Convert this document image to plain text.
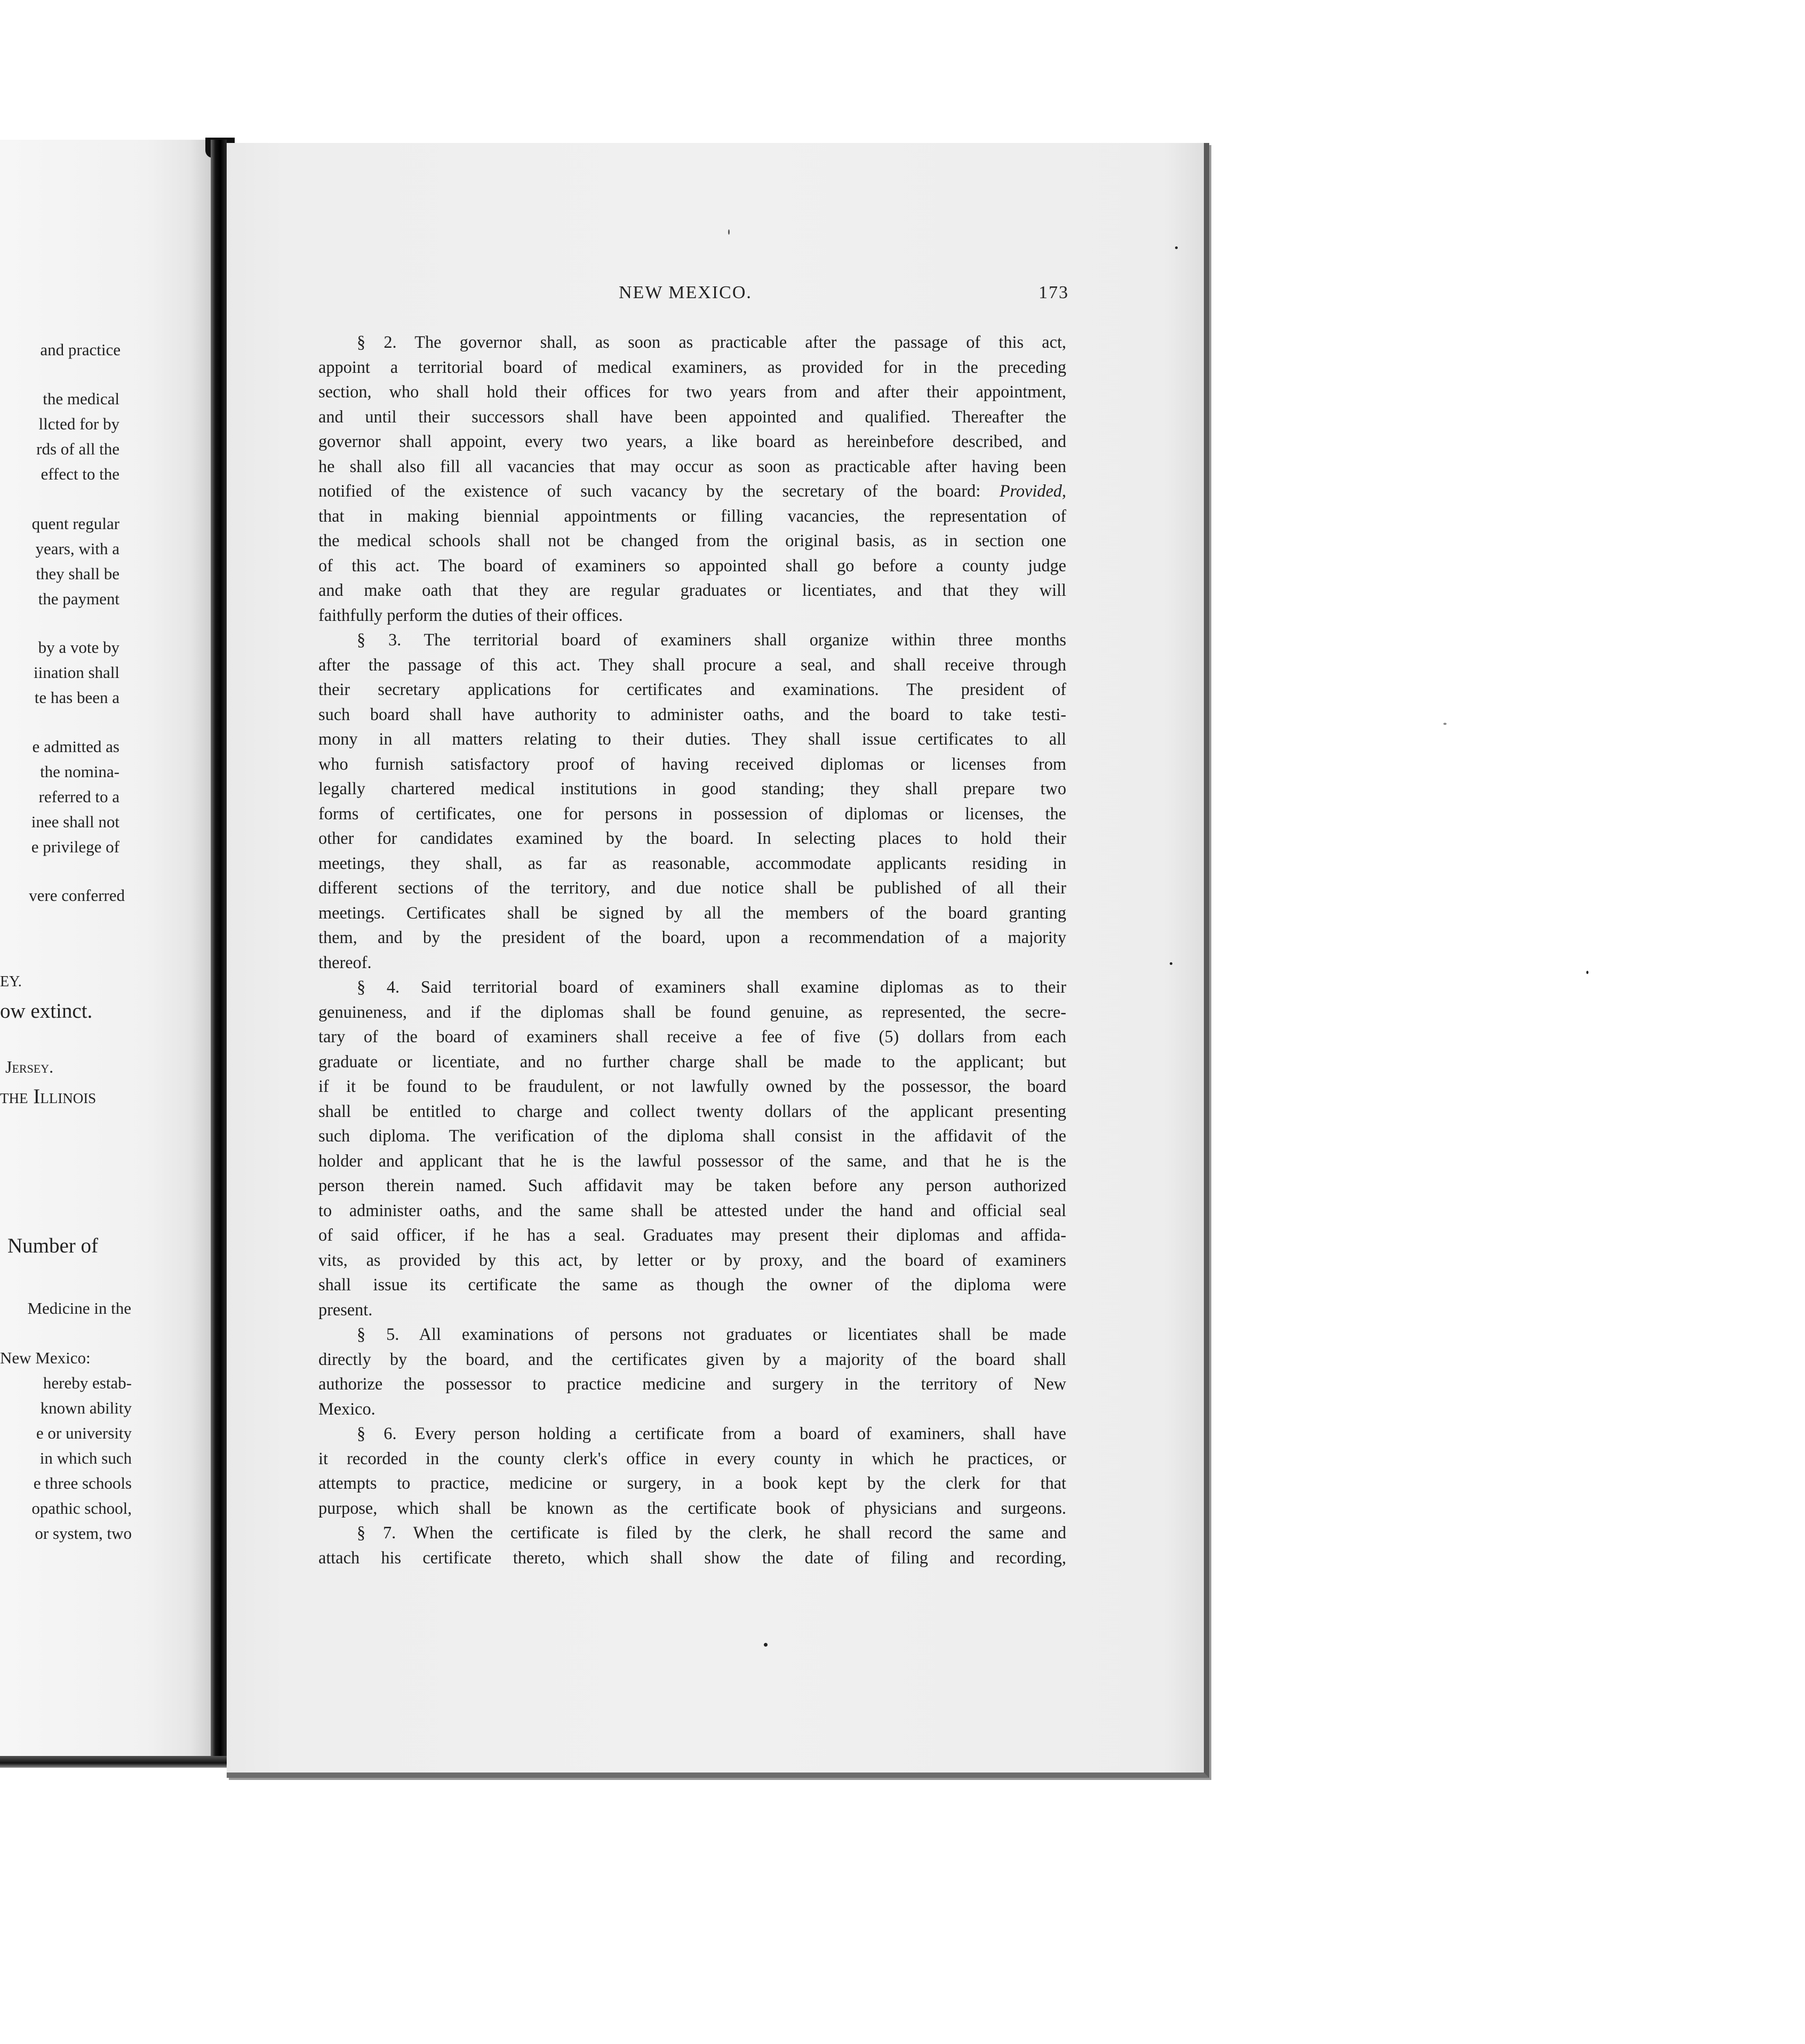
and practice
the medical
llcted for by
rds of all the
effect to the
quent regular
years, with a
they shall be
the payment
by a vote by
iination shall
te has been a
e admitted as
the nomina-
referred to a
inee shall not
e privilege of
vere conferred
EY.
ow extinct.
Jersey.
the Illinois
Number of
Medicine in the
New Mexico:
hereby estab-
known ability
e or university
in which such
e three schools
opathic school,
or system, two
NEW MEXICO.	173
§ 2. The governor shall, as soon as practicable after the passage of this act,
appoint a territorial board of medical examiners, as provided for in the preceding
section, who shall hold their offices for two years from and after their appointment,
and until their successors shall have been appointed and qualified. Thereafter the
governor shall appoint, every two years, a like board as hereinbefore described, and
he shall also fill all vacancies that may occur as soon as practicable after having been
notified of the existence of such vacancy by the secretary of the board: Provided,
that in making biennial appointments or filling vacancies, the representation of
the medical schools shall not be changed from the original basis, as in section one
of this act. The board of examiners so appointed shall go before a county judge
and make oath that they are regular graduates or licentiates, and that they will
faithfully perform the duties of their offices.
§ 3. The territorial board of examiners shall organize within three months
after the passage of this act. They shall procure a seal, and shall receive through
their secretary applications for certificates and examinations. The president of
such board shall have authority to administer oaths, and the board to take testi-
mony in all matters relating to their duties. They shall issue certificates to all
who furnish satisfactory proof of having received diplomas or licenses from
legally chartered medical institutions in good standing; they shall prepare two
forms of certificates, one for persons in possession of diplomas or licenses, the
other for candidates examined by the board. In selecting places to hold their
meetings, they shall, as far as reasonable, accommodate applicants residing in
different sections of the territory, and due notice shall be published of all their
meetings. Certificates shall be signed by all the members of the board granting
them, and by the president of the board, upon a recommendation of a majority
thereof.
§ 4. Said territorial board of examiners shall examine diplomas as to their
genuineness, and if the diplomas shall be found genuine, as represented, the secre-
tary of the board of examiners shall receive a fee of five (5) dollars from each
graduate or licentiate, and no further charge shall be made to the applicant; but
if it be found to be fraudulent, or not lawfully owned by the possessor, the board
shall be entitled to charge and collect twenty dollars of the applicant presenting
such diploma. The verification of the diploma shall consist in the affidavit of the
holder and applicant that he is the lawful possessor of the same, and that he is the
person therein named. Such affidavit may be taken before any person authorized
to administer oaths, and the same shall be attested under the hand and official seal
of said officer, if he has a seal. Graduates may present their diplomas and affida-
vits, as provided by this act, by letter or by proxy, and the board of examiners
shall issue its certificate the same as though the owner of the diploma were
present.
§ 5. All examinations of persons not graduates or licentiates shall be made
directly by the board, and the certificates given by a majority of the board shall
authorize the possessor to practice medicine and surgery in the territory of New
Mexico.
§ 6. Every person holding a certificate from a board of examiners, shall have
it recorded in the county clerk's office in every county in which he practices, or
attempts to practice, medicine or surgery, in a book kept by the clerk for that
purpose, which shall be known as the certificate book of physicians and surgeons.
§ 7. When the certificate is filed by the clerk, he shall record the same and
attach his certificate thereto, which shall show the date of filing and recording,
